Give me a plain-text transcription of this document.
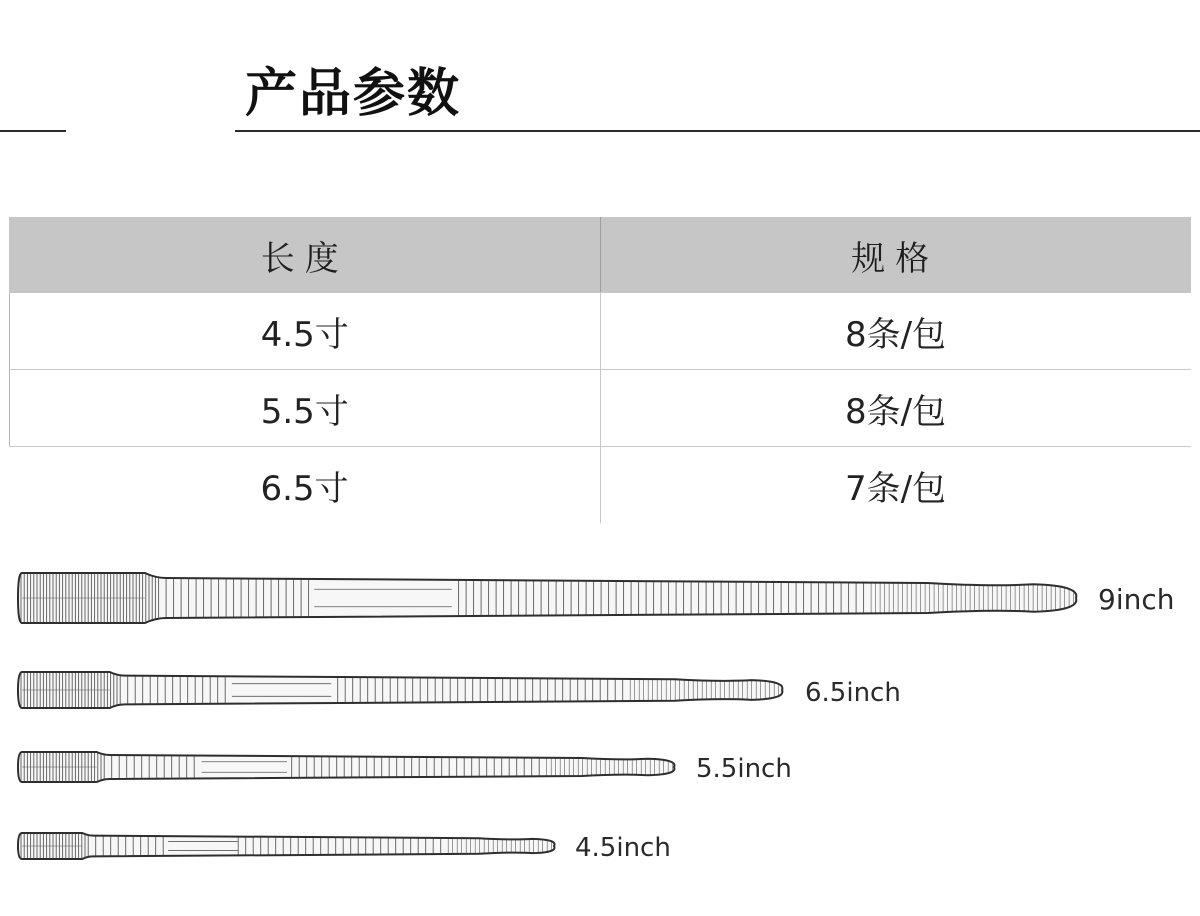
产品参数
长度	规格
4.5寸	8条/包
5.5寸	8条/包
6.5寸	7条/包
9inch
6.5inch
5.5inch
4.5inch
